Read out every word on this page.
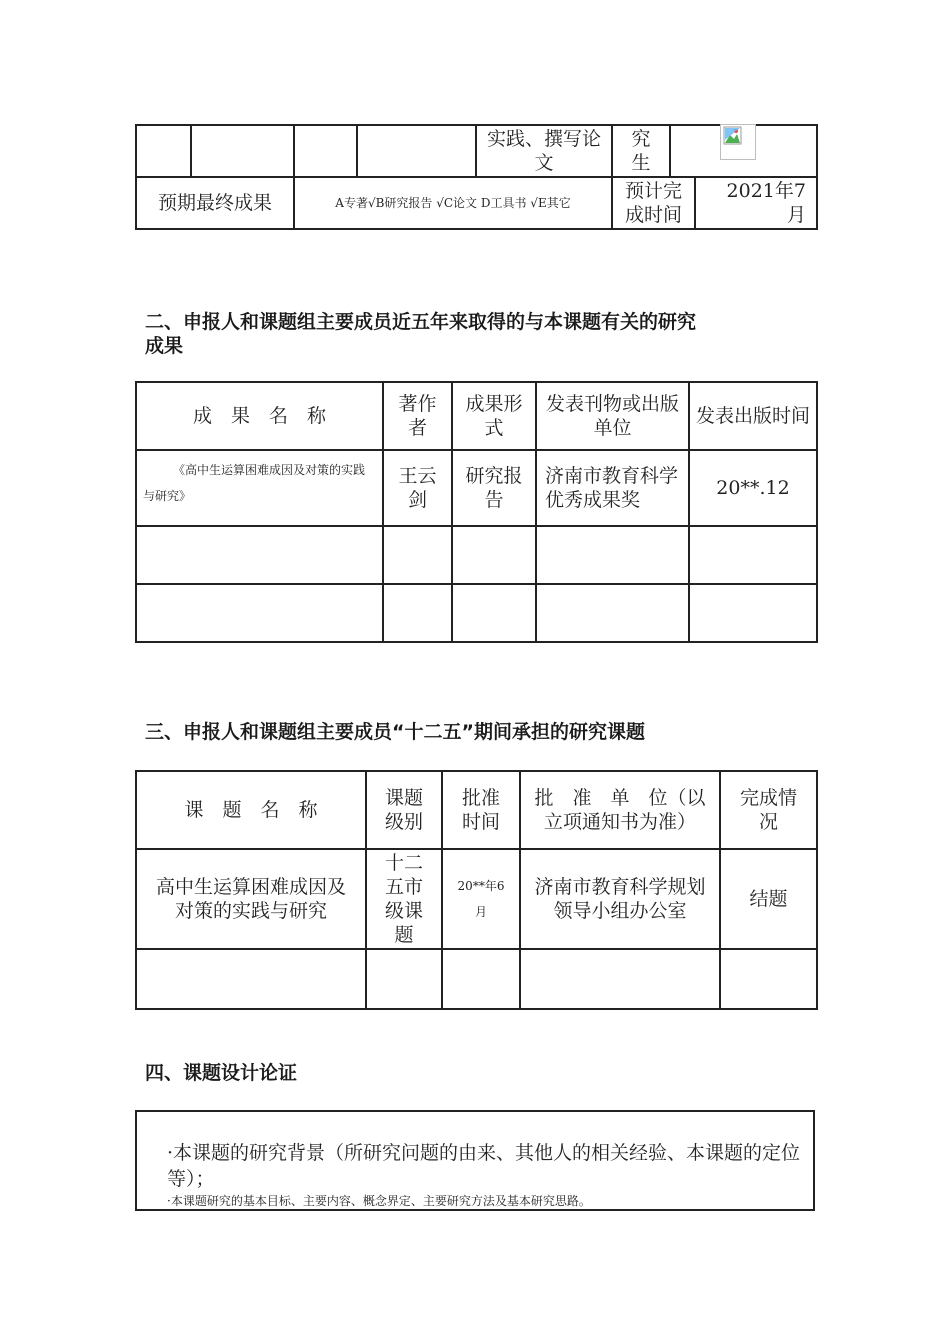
				实践、撰写论文	究生		
预期最终成果		A专著√B研究报告 √C论文 D工具书 √E其它			预计完成时间		2021年7月

二、申报人和课题组主要成员近五年来取得的与本课题有关的研究
成果

成　果　名　称	著作者	成果形式	发表刊物或出版单位	发表出版时间
《高中生运算困难成因及对策的实践与研究》	王云剑	研究报告	济南市教育科学优秀成果奖	20**.12

三、申报人和课题组主要成员“十二五”期间承担的研究课题

课　题　名　称	课题级别	批准时间	批　准　单　位（以立项通知书为准）	完成情况
高中生运算困难成因及对策的实践与研究	十二五市级课题	20**年6月	济南市教育科学规划领导小组办公室	结题

四、课题设计论证

·本课题的研究背景（所研究问题的由来、其他人的相关经验、本课题的定位等）；
·本课题研究的基本目标、主要内容、概念界定、主要研究方法及基本研究思路。
